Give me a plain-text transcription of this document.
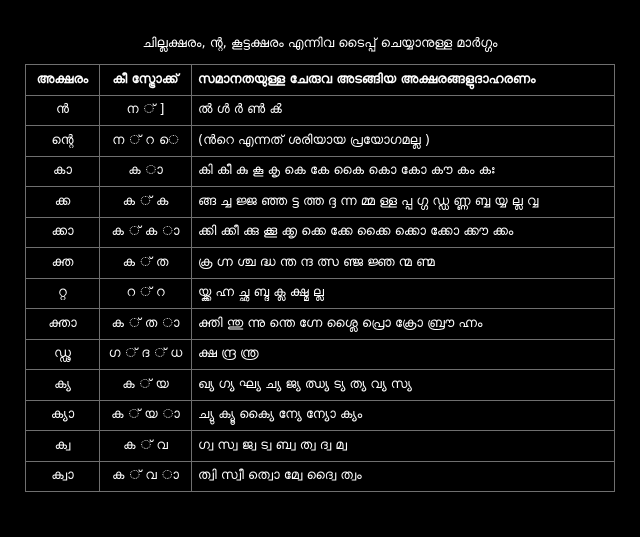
ചില്ലക്ഷരം, ന്റ, കൂട്ടക്ഷരം എന്നിവ ടൈപ്പ് ചെയ്യാനുള്ള മാർഗ്ഗം
അക്ഷരം	കീ സ്ട്രോക്ക്	സമാനതയുള്ള ചേരുവ അടങ്ങിയ അക്ഷരങ്ങളുദാഹരണം
ൻ	ന ് ]	ൽ ൾ ർ ൺ ൿ
ന്റെ	ന ് റ െ	(ൻറെ എന്നത് ശരിയായ പ്രയോഗമല്ല )
കാ	ക ാ	കി കീ കു കൂ കൃ കെ കേ കൈ കൊ കോ കൗ കം കഃ
ക്ക	ക ് ക	ങ്ങ ച്ച ജ്ജ ഞ്ഞ ട്ട ത്ത ദ്ദ ന്ന മ്മ ള്ള പ്പ ഗ്ഗ ഡ്ഡ ണ്ണ ബ്ബ യ്യ ല്ല വ്വ
ക്കാ	ക ് ക ാ	ക്കി ക്കീ ക്കു ക്കൂ ക്കൃ ക്കെ ക്കേ ക്കൈ ക്കൊ ക്കോ ക്കൗ ക്കം
ക്ത	ക ് ത	ക്ര ഗ്ന ശ്ച ദ്ധ ന്ത ന്ദ ത്സ ഞ്ജ ജ്ഞ ന്മ ണ്മ
റ്റ	റ ് റ	യ്ക്ക ഹ്ന ച്ഛ ബ്ദ ക്ല ക്ഷ്മ ല്ല
ക്താ	ക ് ത ാ	ക്തി ന്തു ന്നു ന്തെ ഗ്നേ ശ്ലൈ പ്രൊ ക്രോ ബ്രൗ ഹ്നം
ഡ്ഢ	ഗ ് ദ ് ധ	ക്ഷ ന്ദ്ര ന്ത്ര
ക്യ	ക ് യ	ഖ്യ ഗ്യ ഘ്യ ച്യ ജ്യ ഝ്യ ട്യ ത്യ വ്യ സ്യ
ക്യാ	ക ് യ ാ	ച്യു ക്യൂ ക്യൈ ന്യേ ന്യോ ക്യം
ക്വ	ക ് വ	ഗ്വ സ്വ ജ്വ ട്വ ബ്വ ത്വ ദ്വ മ്വ
ക്വാ	ക ് വ ാ	ത്വി സ്വീ ത്വൊ മ്വേ ദ്വൈ ത്വം
